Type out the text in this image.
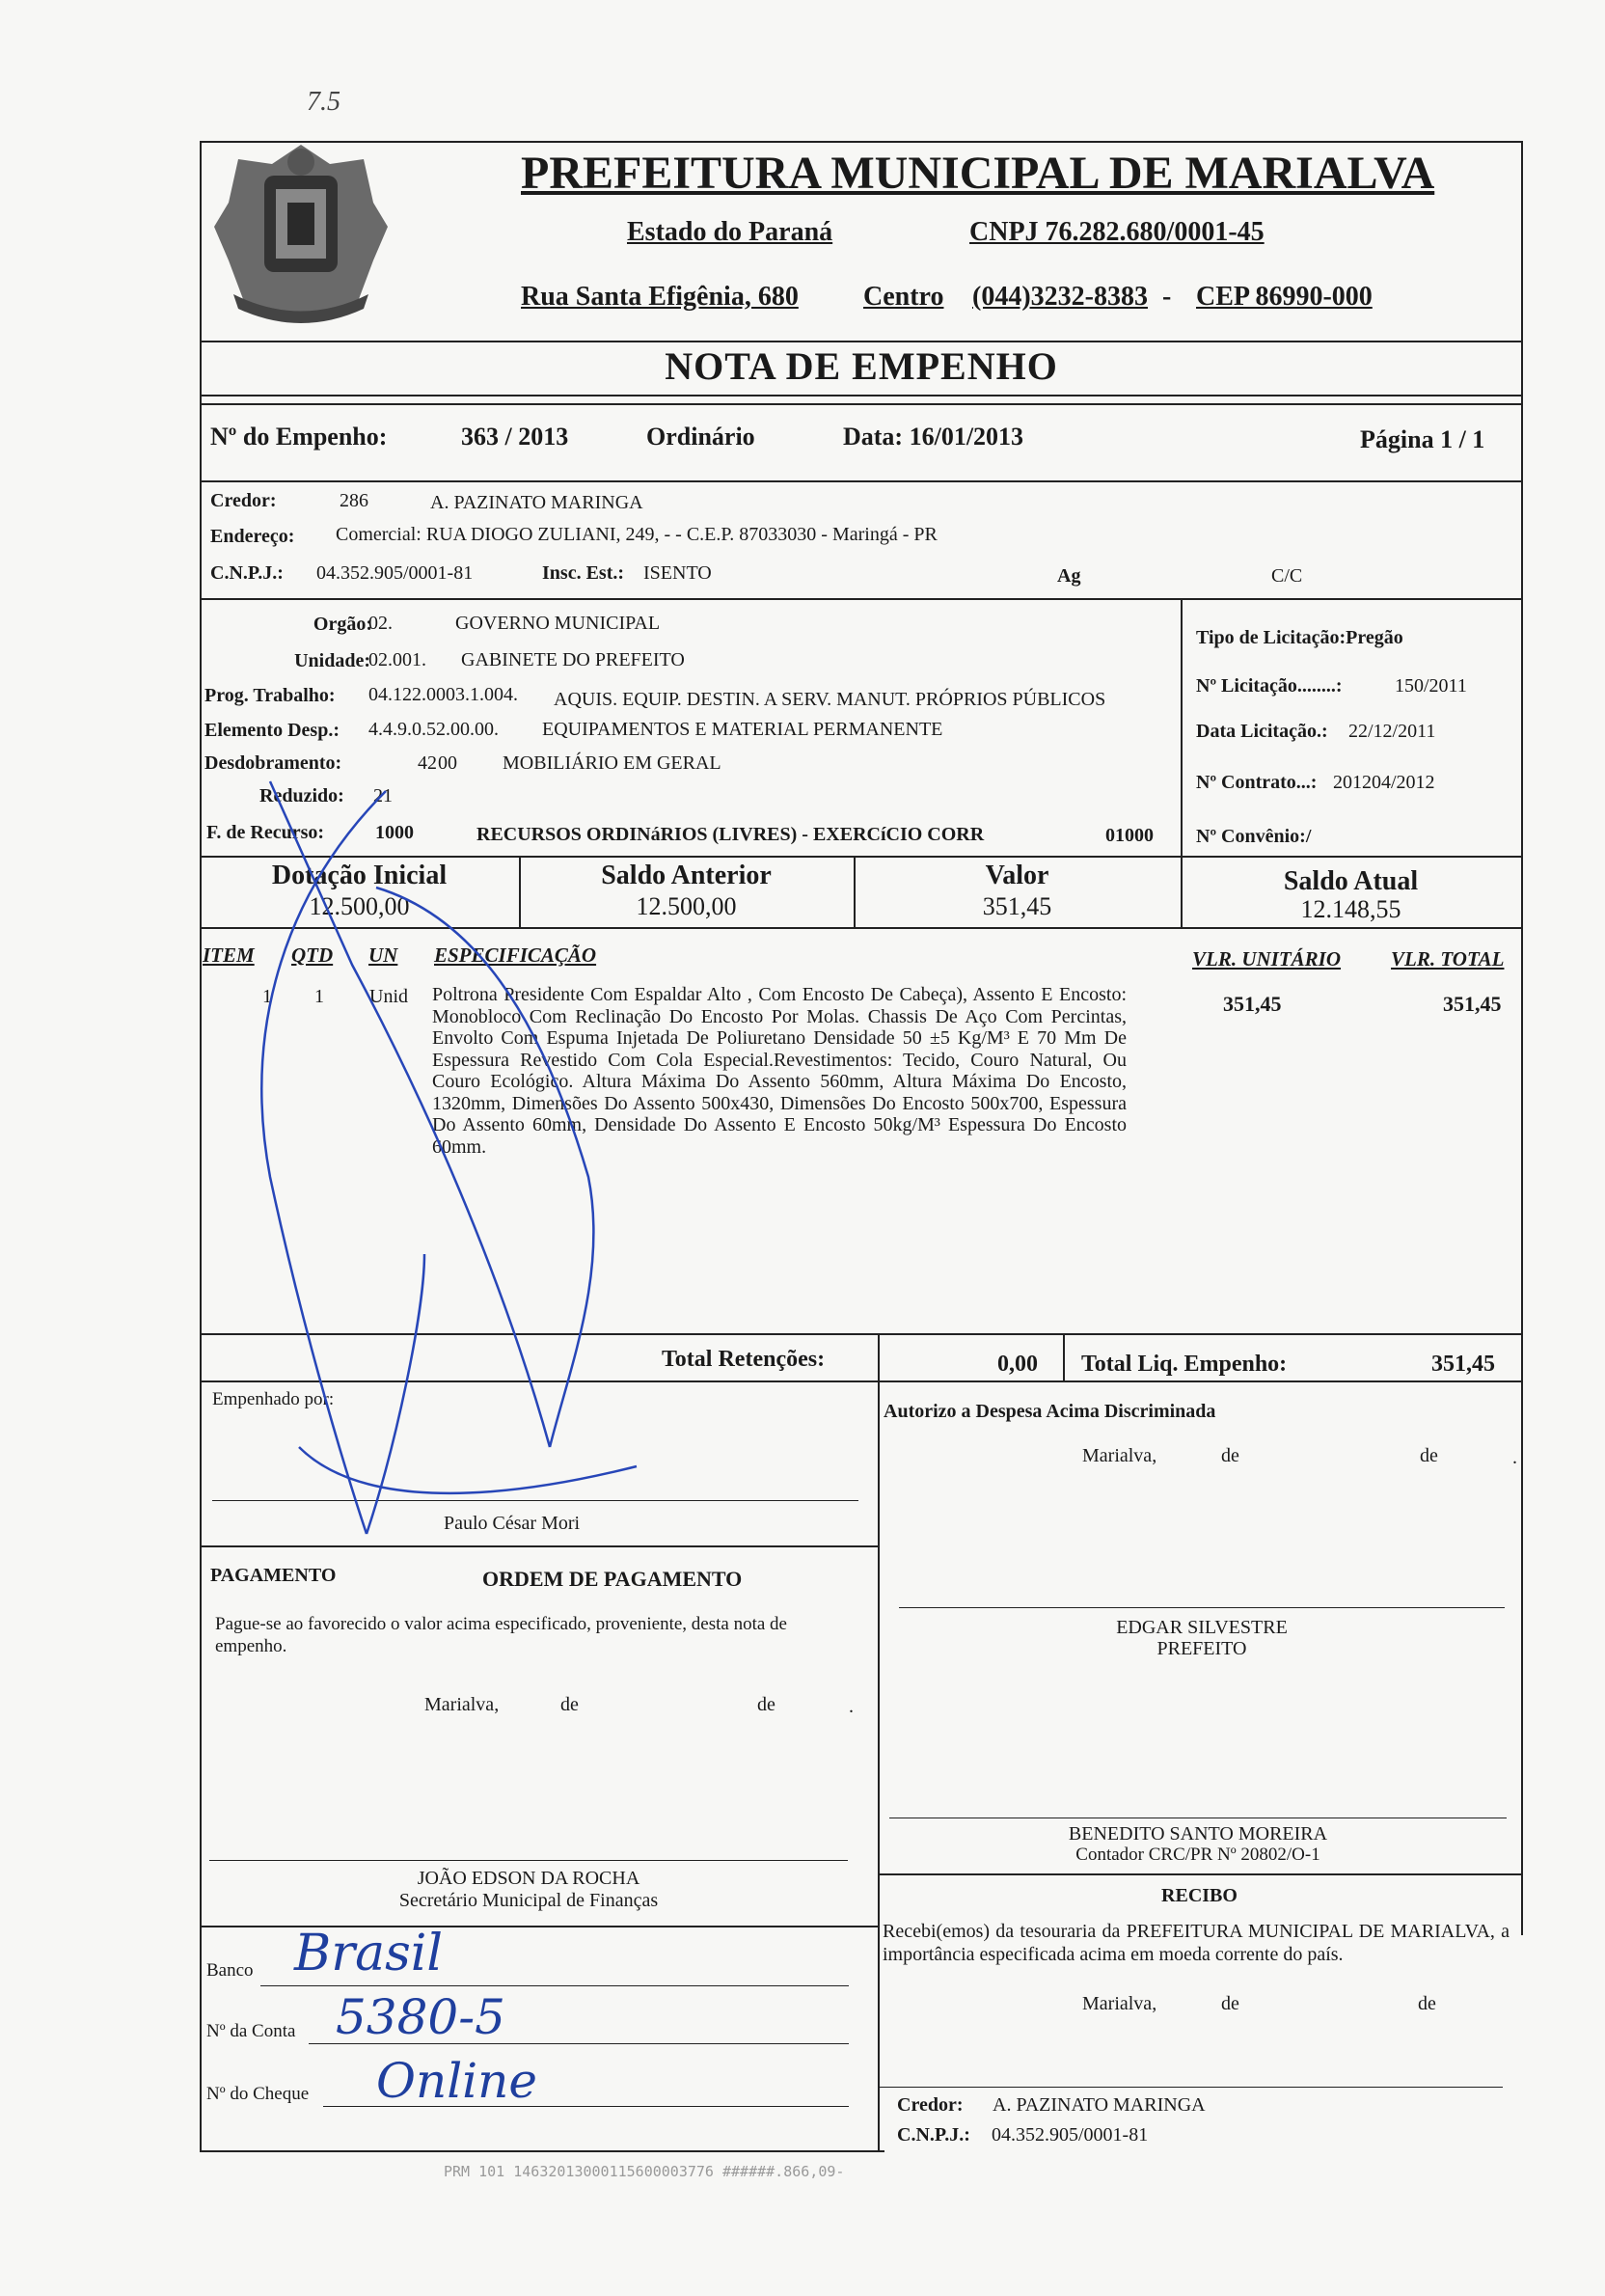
7.5
PREFEITURA MUNICIPAL DE MARIALVA
Estado do Paraná	CNPJ 76.282.680/0001-45
Rua Santa Efigênia, 680 Centro (044)3232-8383 - CEP 86990-000
NOTA DE EMPENHO
Nº do Empenho:	363 / 2013	Ordinário	Data: 16/01/2013	Página 1 / 1
Credor:	286	A. PAZINATO MARINGA
Endereço: Comercial: RUA DIOGO ZULIANI, 249, - - C.E.P. 87033030 - Maringá - PR
C.N.P.J.: 04.352.905/0001-81	Insc. Est.: ISENTO	Ag	C/C
Orgão:
02.	GOVERNO MUNICIPAL
Unidade:
02.001. GABINETE DO PREFEITO
Prog. Trabalho: 04.122.0003.1.004. AQUIS. EQUIP. DESTIN. A SERV. MANUT. PRÓPRIOS PÚBLICOS
Elemento Desp.: 4.4.9.0.52.00.00. EQUIPAMENTOS E MATERIAL PERMANENTE
Desdobramento:	42 00 MOBILIÁRIO EM GERAL
Reduzido: 21
F. de Recurso:	1000	RECURSOS ORDINáRIOS (LIVRES) - EXERCíCIO CORR	01000
Tipo de Licitação:Pregão
Nº Licitação........:	150/2011
Data Licitação.: 22/12/2011
Nº Contrato...: 201204/2012
Nº Convênio:/
Dotação Inicial
12.500,00
Saldo Anterior
12.500,00
Valor
351,45
Saldo Atual
12.148,55
ITEM QTD UN ESPECIFICAÇÃO	VLR. UNITÁRIO VLR. TOTAL
1 1 Unid Poltrona Presidente Com Espaldar Alto , Com Encosto De Cabeça), Assento E Encosto: Monobloco Com Reclinação Do Encosto Por Molas. Chassis De Aço Com Percintas, Envolto Com Espuma Injetada De Poliuretano Densidade 50 ±5 Kg/M³ E 70 Mm De Espessura Revestido Com Cola Especial.Revestimentos: Tecido, Couro Natural, Ou Couro Ecológico. Altura Máxima Do Assento 560mm, Altura Máxima Do Encosto, 1320mm, Dimensões Do Assento 500x430, Dimensões Do Encosto 500x700, Espessura Do Assento 60mm, Densidade Do Assento E Encosto 50kg/M³ Espessura Do Encosto 60mm.
351,45	351,45
Total Retenções:	0,00 Total Liq. Empenho:	351,45
Empenhado por:
Paulo César Mori
Autorizo a Despesa Acima Discriminada
Marialva,	de	de	.
PAGAMENTO	ORDEM DE PAGAMENTO
Pague-se ao favorecido o valor acima especificado, proveniente, desta nota de empenho.
Marialva,	de	de	.
EDGAR SILVESTRE
PREFEITO
BENEDITO SANTO MOREIRA
Contador CRC/PR Nº 20802/O-1
JOÃO EDSON DA ROCHA
Secretário Municipal de Finanças	RECIBO
Recebi(emos) da tesouraria da PREFEITURA MUNICIPAL DE MARIALVA, a importância especificada acima em moeda corrente do país.
Marialva,	de	de
Credor: A. PAZINATO MARINGA
C.N.P.J.: 04.352.905/0001-81
Banco Brasil
Nº da Conta 5380-5
Nº do Cheque Online
PRM 101 14632013000115600003776 ######.866,09-
